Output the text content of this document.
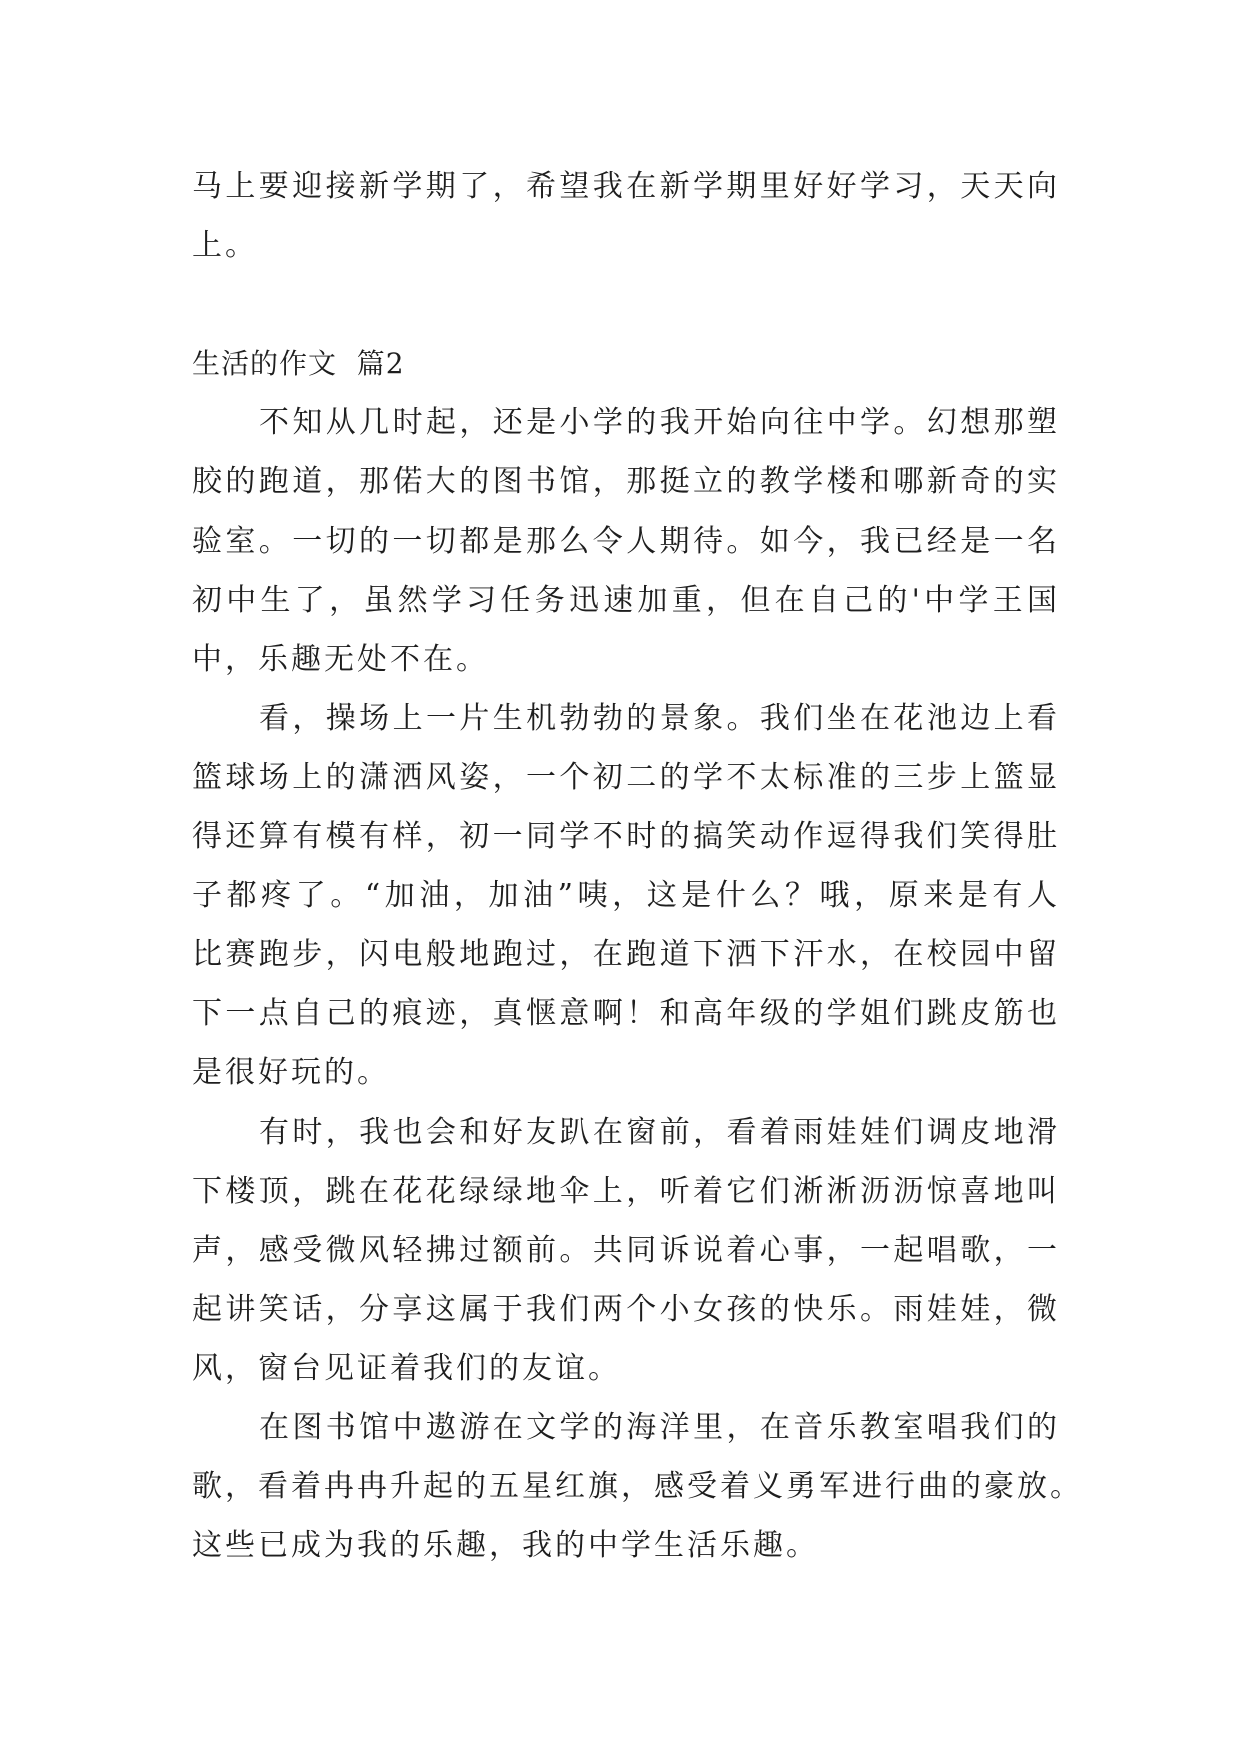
马上要迎接新学期了，希望我在新学期里好好学习，天天向
上。
生活的作文  篇2
不知从几时起，还是小学的我开始向往中学。幻想那塑
胶的跑道，那偌大的图书馆，那挺立的教学楼和哪新奇的实
验室。一切的一切都是那么令人期待。如今，我已经是一名
初中生了，虽然学习任务迅速加重，但在自己的'中学王国
中，乐趣无处不在。
看，操场上一片生机勃勃的景象。我们坐在花池边上看
篮球场上的潇洒风姿，一个初二的学不太标准的三步上篮显
得还算有模有样，初一同学不时的搞笑动作逗得我们笑得肚
子都疼了。“加油，加油”咦，这是什么？哦，原来是有人
比赛跑步，闪电般地跑过，在跑道下洒下汗水，在校园中留
下一点自己的痕迹，真惬意啊！和高年级的学姐们跳皮筋也
是很好玩的。
有时，我也会和好友趴在窗前，看着雨娃娃们调皮地滑
下楼顶，跳在花花绿绿地伞上，听着它们淅淅沥沥惊喜地叫
声，感受微风轻拂过额前。共同诉说着心事，一起唱歌，一
起讲笑话，分享这属于我们两个小女孩的快乐。雨娃娃，微
风，窗台见证着我们的友谊。
在图书馆中遨游在文学的海洋里，在音乐教室唱我们的
歌，看着冉冉升起的五星红旗，感受着义勇军进行曲的豪放。
这些已成为我的乐趣，我的中学生活乐趣。
